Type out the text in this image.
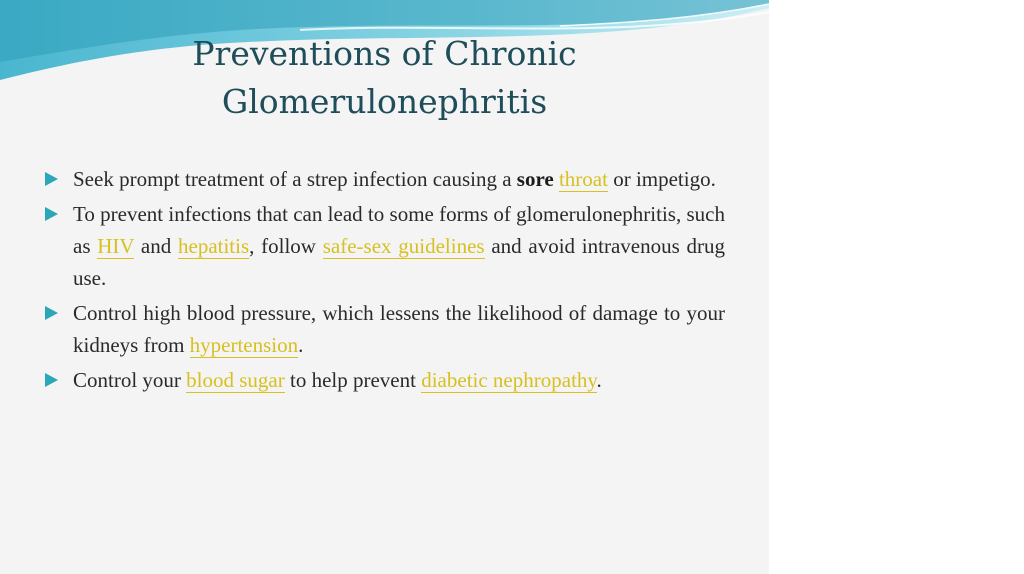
Preventions of Chronic
Glomerulonephritis
Seek prompt treatment of a strep infection causing a sore throat or impetigo.
To prevent infections that can lead to some forms of glomerulonephritis, such as HIV and hepatitis, follow safe-sex guidelines and avoid intravenous drug use.
Control high blood pressure, which lessens the likelihood of damage to your kidneys from hypertension.
Control your blood sugar to help prevent diabetic nephropathy.
